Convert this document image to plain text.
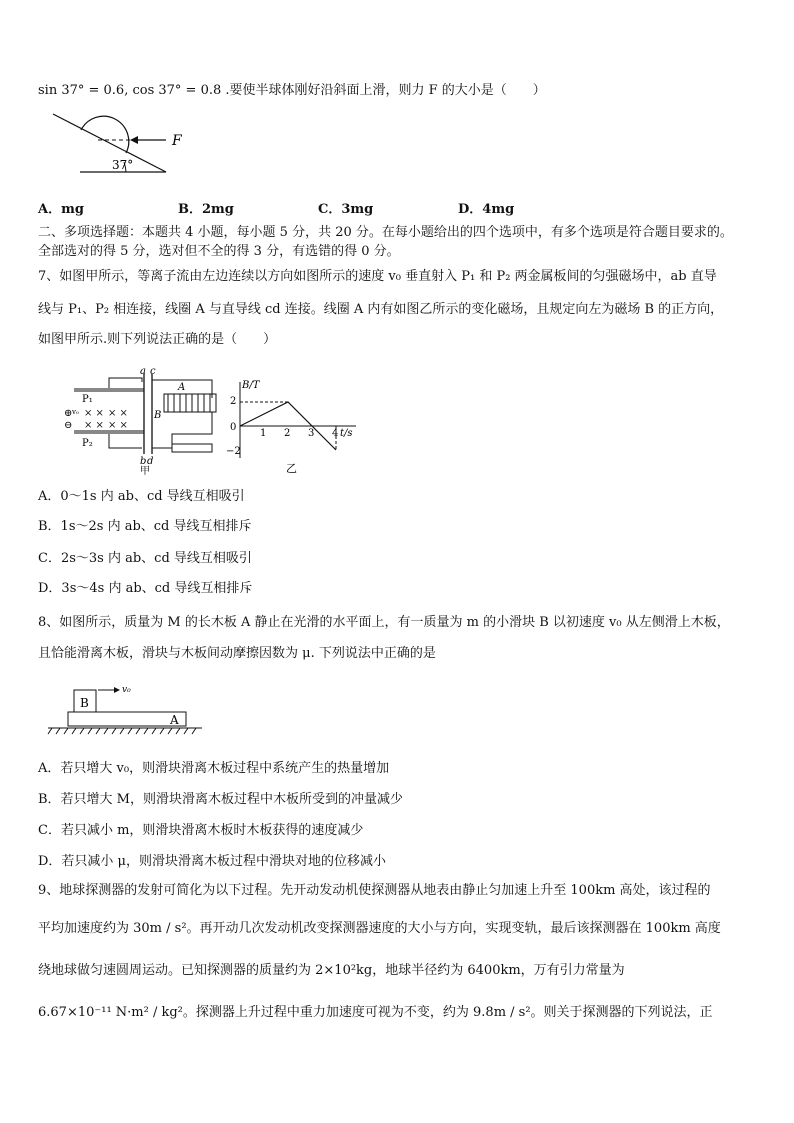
sin 37° = 0.6, cos 37° = 0.8 .要使半球体刚好沿斜面上滑，则力 F 的大小是（　　）
F
37°
A．mg	B．2mg	C．3mg	D．4mg
二、多项选择题：本题共 4 小题，每小题 5 分，共 20 分。在每小题给出的四个选项中，有多个选项是符合题目要求的。
全部选对的得 5 分，选对但不全的得 3 分，有选错的得 0 分。
7、如图甲所示，等离子流由左边连续以方向如图所示的速度 v₀ 垂直射入 P₁ 和 P₂ 两金属板间的匀强磁场中，ab 直导
线与 P₁、P₂ 相连接，线圈 A 与直导线 cd 连接。线圈 A 内有如图乙所示的变化磁场，且规定向左为磁场 B 的正方向，
如图甲所示.则下列说法正确的是（　　）
P₁
P₂
⊕
⊖
× × × ×
× × × ×
v₀
a c
b d
甲
A
B
B/T
t/s
2
0
−2
1 2 3 4
乙
A．0～1s 内 ab、cd 导线互相吸引
B．1s～2s 内 ab、cd 导线互相排斥
C．2s～3s 内 ab、cd 导线互相吸引
D．3s～4s 内 ab、cd 导线互相排斥
8、如图所示，质量为 M 的长木板 A 静止在光滑的水平面上，有一质量为 m 的小滑块 B 以初速度 v₀ 从左侧滑上木板，
且恰能滑离木板，滑块与木板间动摩擦因数为 μ. 下列说法中正确的是
B
v₀
A
A．若只增大 v₀，则滑块滑离木板过程中系统产生的热量增加
B．若只增大 M，则滑块滑离木板过程中木板所受到的冲量减少
C．若只减小 m，则滑块滑离木板时木板获得的速度减少
D．若只减小 μ，则滑块滑离木板过程中滑块对地的位移减小
9、地球探测器的发射可简化为以下过程。先开动发动机使探测器从地表由静止匀加速上升至 100km 高处，该过程的
平均加速度约为 30m / s²。再开动几次发动机改变探测器速度的大小与方向，实现变轨，最后该探测器在 100km 高度
绕地球做匀速圆周运动。已知探测器的质量约为 2×10²kg，地球半径约为 6400km，万有引力常量为
6.67×10⁻¹¹ N·m² / kg²。探测器上升过程中重力加速度可视为不变，约为 9.8m / s²。则关于探测器的下列说法，正
